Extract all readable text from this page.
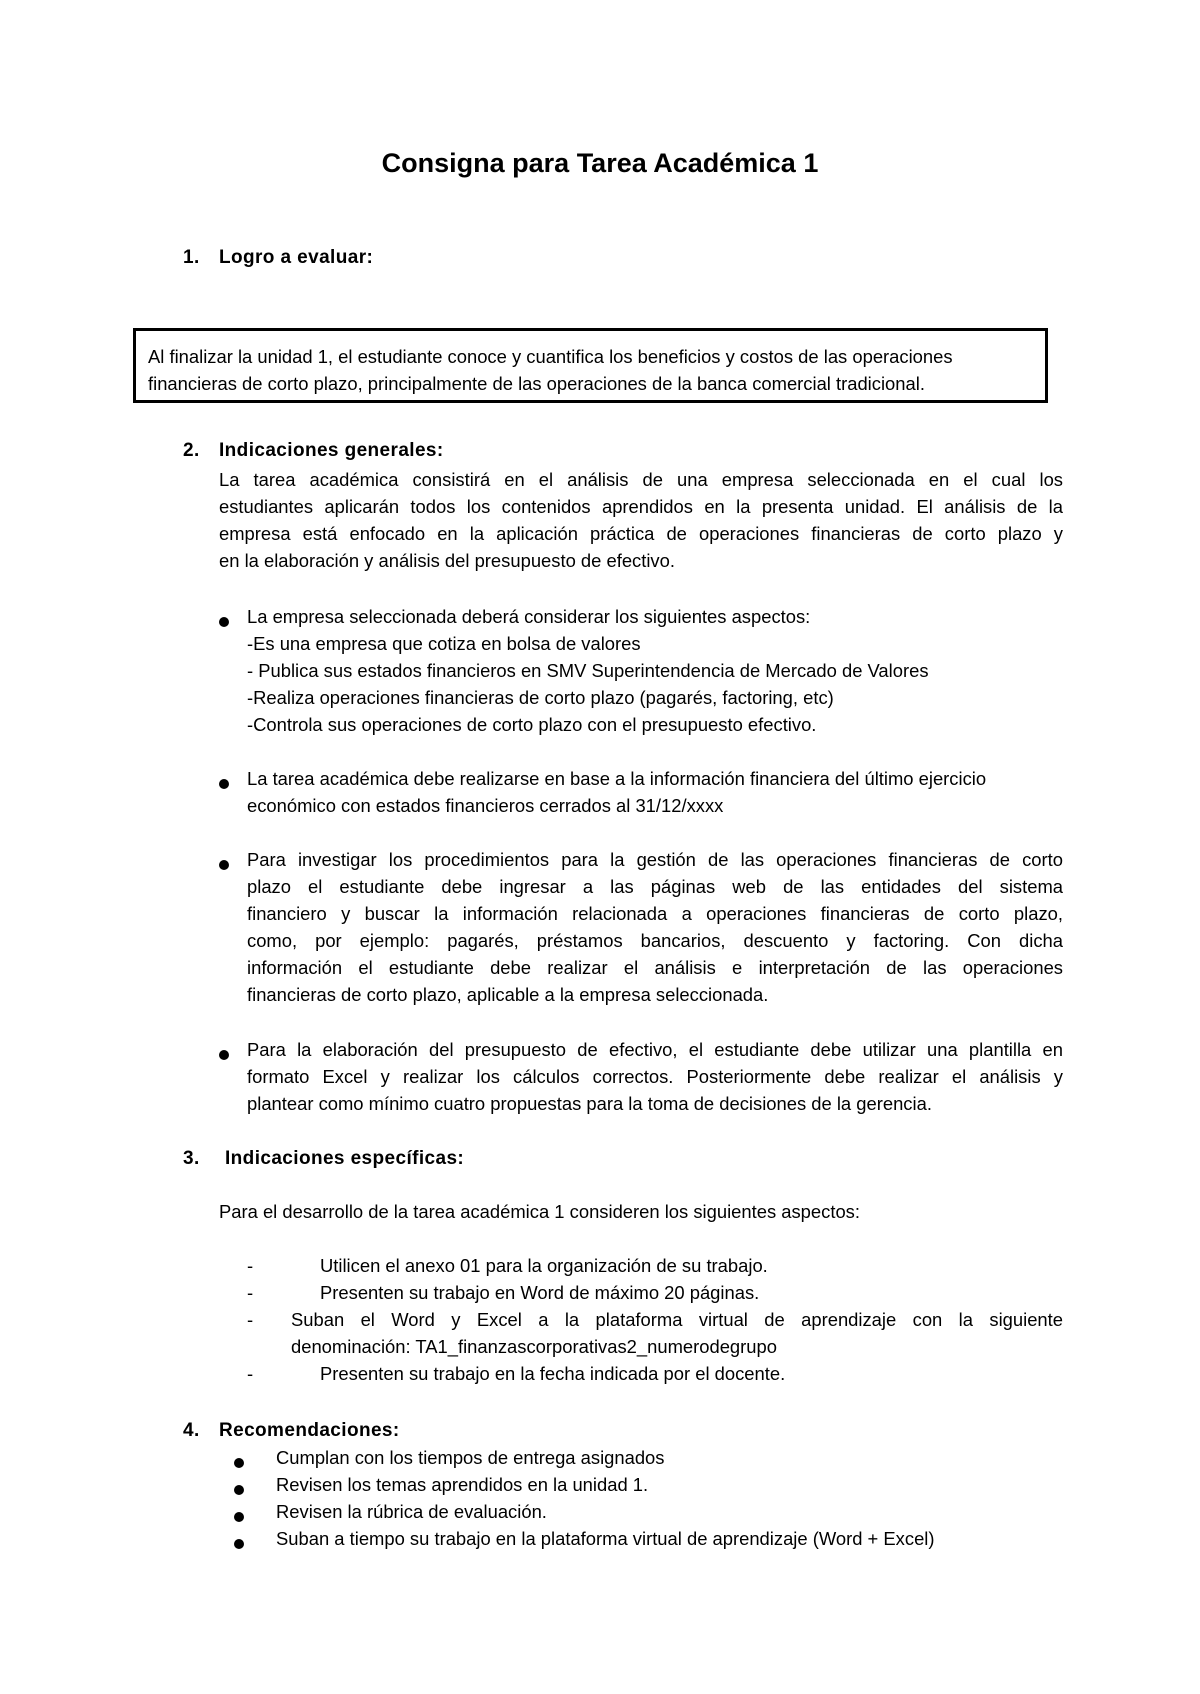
Consigna para Tarea Académica 1
1. Logro a evaluar:

Al finalizar la unidad 1, el estudiante conoce y cuantifica los beneficios y costos de las operaciones
financieras de corto plazo, principalmente de las operaciones de la banca comercial tradicional.

2. Indicaciones generales:
La tarea académica consistirá en el análisis de una empresa seleccionada en el cual los
estudiantes aplicarán todos los contenidos aprendidos en la presenta unidad. El análisis de la
empresa está enfocado en la aplicación práctica de operaciones financieras de corto plazo y
en la elaboración y análisis del presupuesto de efectivo.
La empresa seleccionada deberá considerar los siguientes aspectos:
-Es una empresa que cotiza en bolsa de valores
- Publica sus estados financieros en SMV Superintendencia de Mercado de Valores
-Realiza operaciones financieras de corto plazo (pagarés, factoring, etc)
-Controla sus operaciones de corto plazo con el presupuesto efectivo.
La tarea académica debe realizarse en base a la información financiera del último ejercicio
económico con estados financieros cerrados al 31/12/xxxx
Para investigar los procedimientos para la gestión de las operaciones financieras de corto
plazo el estudiante debe ingresar a las páginas web de las entidades del sistema
financiero y buscar la información relacionada a operaciones financieras de corto plazo,
como, por ejemplo: pagarés, préstamos bancarios, descuento y factoring. Con dicha
información el estudiante debe realizar el análisis e interpretación de las operaciones
financieras de corto plazo, aplicable a la empresa seleccionada.
Para la elaboración del presupuesto de efectivo, el estudiante debe utilizar una plantilla en
formato Excel y realizar los cálculos correctos. Posteriormente debe realizar el análisis y
plantear como mínimo cuatro propuestas para la toma de decisiones de la gerencia.
3. Indicaciones específicas:
Para el desarrollo de la tarea académica 1 consideren los siguientes aspectos:
-	Utilicen el anexo 01 para la organización de su trabajo.
-	Presenten su trabajo en Word de máximo 20 páginas.
- Suban el Word y Excel a la plataforma virtual de aprendizaje con la siguiente
denominación: TA1_finanzascorporativas2_numerodegrupo
-	Presenten su trabajo en la fecha indicada por el docente.
4. Recomendaciones:
Cumplan con los tiempos de entrega asignados
Revisen los temas aprendidos en la unidad 1.
Revisen la rúbrica de evaluación.
Suban a tiempo su trabajo en la plataforma virtual de aprendizaje (Word + Excel)
